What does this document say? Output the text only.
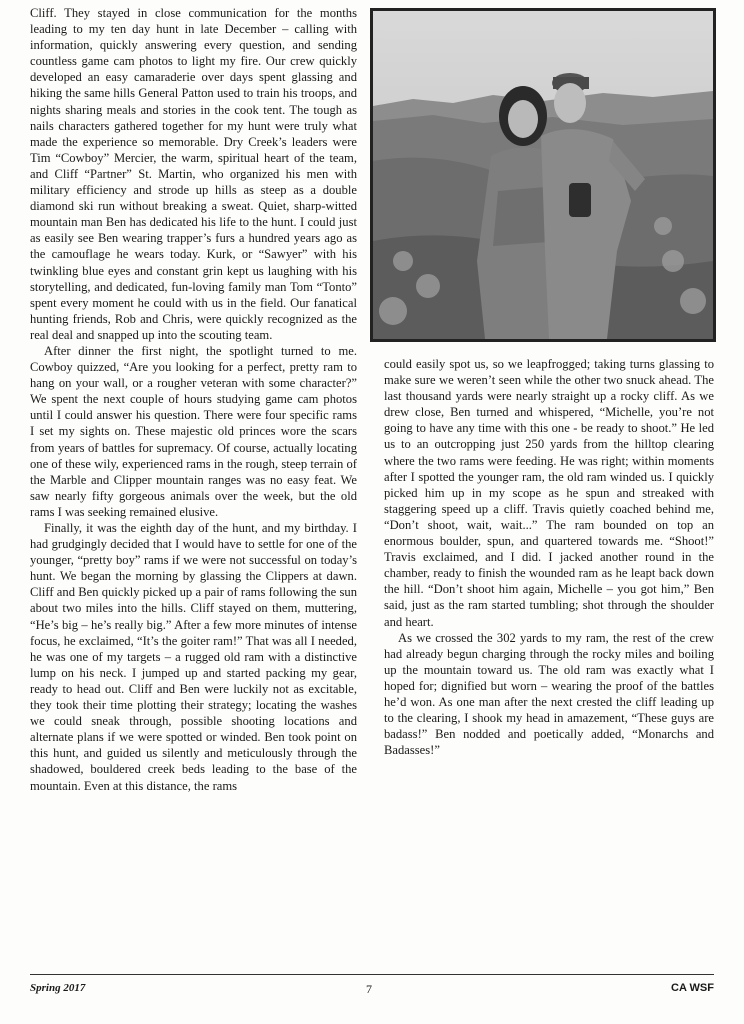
Cliff. They stayed in close communication for the months leading to my ten day hunt in late December – calling with information, quickly answering every question, and sending countless game cam photos to light my fire. Our crew quickly developed an easy camaraderie over days spent glassing and hiking the same hills General Patton used to train his troops, and nights sharing meals and stories in the cook tent. The tough as nails characters gathered together for my hunt were truly what made the experience so memorable. Dry Creek’s leaders were Tim “Cowboy” Mercier, the warm, spiritual heart of the team, and Cliff “Partner” St. Martin, who organized his men with military efficiency and strode up hills as steep as a double diamond ski run without breaking a sweat. Quiet, sharp-witted mountain man Ben has dedicated his life to the hunt. I could just as easily see Ben wearing trapper’s furs a hundred years ago as the camouflage he wears today. Kurk, or “Sawyer” with his twinkling blue eyes and constant grin kept us laughing with his storytelling, and dedicated, fun-loving family man Tom “Tonto” spent every moment he could with us in the field. Our fanatical hunting friends, Rob and Chris, were quickly recognized as the real deal and snapped up into the scouting team.

After dinner the first night, the spotlight turned to me. Cowboy quizzed, “Are you looking for a perfect, pretty ram to hang on your wall, or a rougher veteran with some character?” We spent the next couple of hours studying game cam photos until I could answer his question. There were four specific rams I set my sights on. These majestic old princes wore the scars from years of battles for supremacy. Of course, actually locating one of these wily, experienced rams in the rough, steep terrain of the Marble and Clipper mountain ranges was no easy feat. We saw nearly fifty gorgeous animals over the week, but the old rams I was seeking remained elusive.

Finally, it was the eighth day of the hunt, and my birthday. I had grudgingly decided that I would have to settle for one of the younger, “pretty boy” rams if we were not successful on today’s hunt. We began the morning by glassing the Clippers at dawn. Cliff and Ben quickly picked up a pair of rams following the sun about two miles into the hills. Cliff stayed on them, muttering, “He’s big – he’s really big.” After a few more minutes of intense focus, he exclaimed, “It’s the goiter ram!” That was all I needed, he was one of my targets – a rugged old ram with a distinctive lump on his neck. I jumped up and started packing my gear, ready to head out. Cliff and Ben were luckily not as excitable, they took their time plotting their strategy; locating the washes we could sneak through, possible shooting locations and alternate plans if we were spotted or winded. Ben took point on this hunt, and guided us silently and meticulously through the shadowed, bouldered creek beds leading to the base of the mountain. Even at this distance, the rams

could easily spot us, so we leapfrogged; taking turns glassing to make sure we weren’t seen while the other two snuck ahead. The last thousand yards were nearly straight up a rocky cliff. As we drew close, Ben turned and whispered, “Michelle, you’re not going to have any time with this one - be ready to shoot.” He led us to an outcropping just 250 yards from the hilltop clearing where the two rams were feeding. He was right; within moments after I spotted the younger ram, the old ram winded us. I quickly picked him up in my scope as he spun and streaked with staggering speed up a cliff. Travis quietly coached behind me, “Don’t shoot, wait, wait...” The ram bounded on top an enormous boulder, spun, and quartered towards me. “Shoot!” Travis exclaimed, and I did. I jacked another round in the chamber, ready to finish the wounded ram as he leapt back down the hill. “Don’t shoot him again, Michelle – you got him,” Ben said, just as the ram started tumbling; shot through the shoulder and heart.

As we crossed the 302 yards to my ram, the rest of the crew had already begun charging through the rocky miles and boiling up the mountain toward us. The old ram was exactly what I hoped for; dignified but worn – wearing the proof of the battles he’d won. As one man after the next crested the cliff leading up to the clearing, I shook my head in amazement, “These guys are badass!” Ben nodded and poetically added, “Monarchs and Badasses!”

Spring 2017	7	CA WSF
